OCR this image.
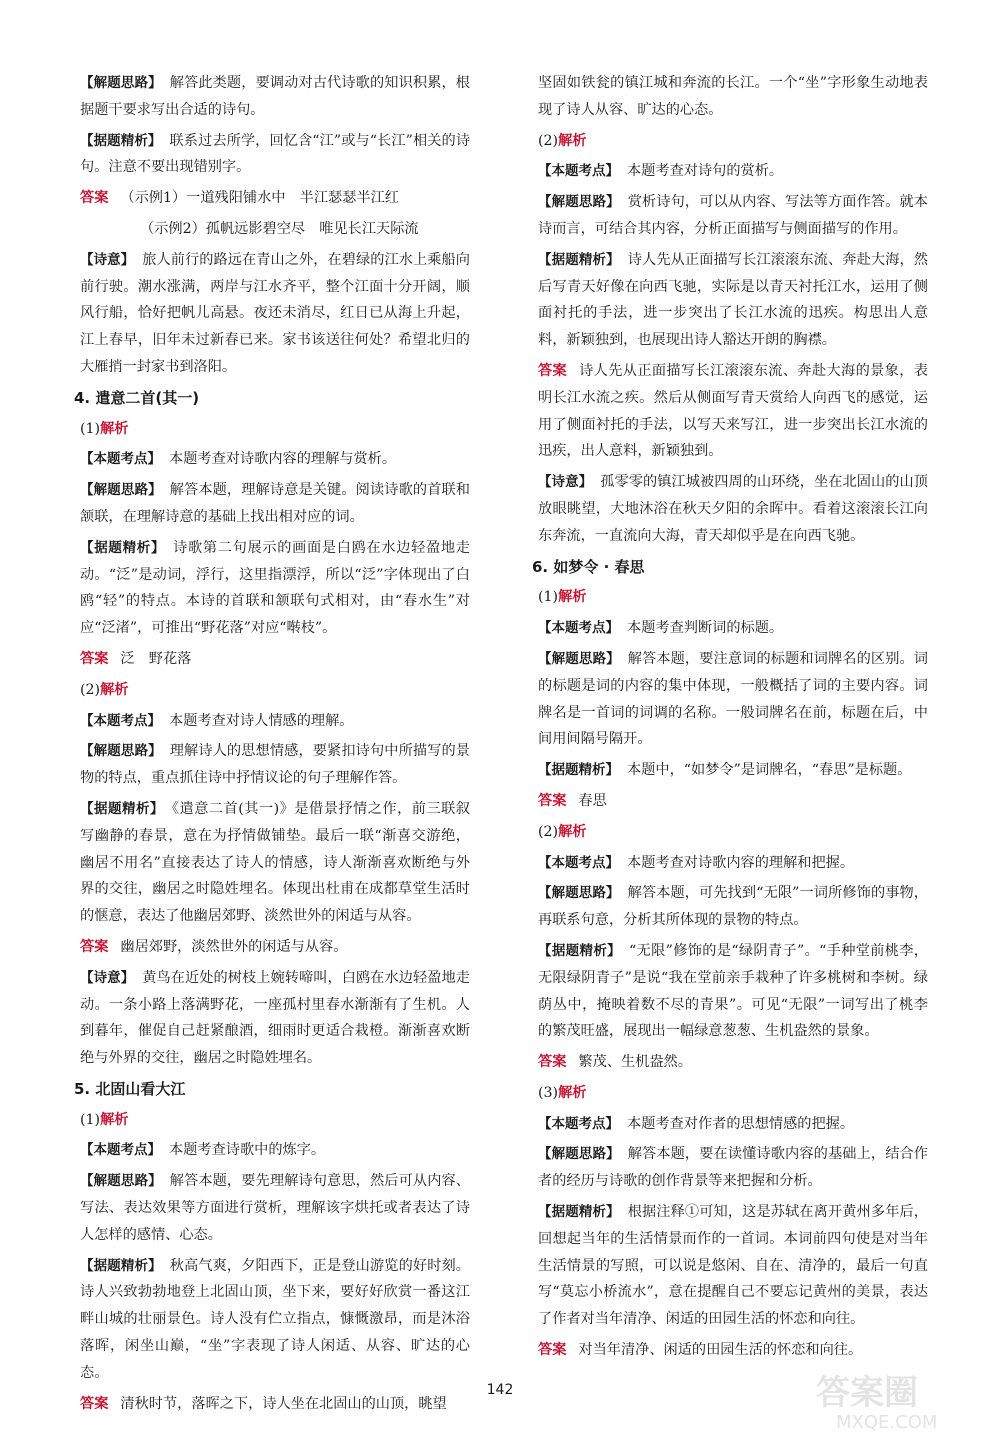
【解题思路】 解答此类题，要调动对古代诗歌的知识积累，根据题干要求写出合适的诗句。
【据题精析】 联系过去所学，回忆含“江”或与“长江”相关的诗句。注意不要出现错别字。
答案 （示例1）一道残阳铺水中　半江瑟瑟半江红
（示例2）孤帆远影碧空尽　唯见长江天际流
【诗意】 旅人前行的路远在青山之外，在碧绿的江水上乘船向前行驶。潮水涨满，两岸与江水齐平，整个江面十分开阔，顺风行船，恰好把帆儿高悬。夜还未消尽，红日已从海上升起，江上春早，旧年未过新春已来。家书该送往何处？希望北归的大雁捎一封家书到洛阳。
4. 遣意二首(其一)
(1)解析
【本题考点】 本题考查对诗歌内容的理解与赏析。
【解题思路】 解答本题，理解诗意是关键。阅读诗歌的首联和颔联，在理解诗意的基础上找出相对应的词。
【据题精析】 诗歌第二句展示的画面是白鸥在水边轻盈地走动。“泛”是动词，浮行，这里指漂浮，所以“泛”字体现出了白鸥“轻”的特点。本诗的首联和颔联句式相对，由“春水生”对应“泛渚”，可推出“野花落”对应“啭枝”。
答案 泛　野花落
(2)解析
【本题考点】 本题考查对诗人情感的理解。
【解题思路】 理解诗人的思想情感，要紧扣诗句中所描写的景物的特点，重点抓住诗中抒情议论的句子理解作答。
【据题精析】 《遣意二首(其一)》是借景抒情之作，前三联叙写幽静的春景，意在为抒情做铺垫。最后一联“渐喜交游绝，幽居不用名”直接表达了诗人的情感，诗人渐渐喜欢断绝与外界的交往，幽居之时隐姓埋名。体现出杜甫在成都草堂生活时的惬意，表达了他幽居郊野、淡然世外的闲适与从容。
答案 幽居郊野，淡然世外的闲适与从容。
【诗意】 黄鸟在近处的树枝上婉转啼叫，白鸥在水边轻盈地走动。一条小路上落满野花，一座孤村里春水渐渐有了生机。人到暮年，催促自己赶紧酿酒，细雨时更适合栽橙。渐渐喜欢断绝与外界的交往，幽居之时隐姓埋名。
5. 北固山看大江
(1)解析
【本题考点】 本题考查诗歌中的炼字。
【解题思路】 解答本题，要先理解诗句意思，然后可从内容、写法、表达效果等方面进行赏析，理解该字烘托或者表达了诗人怎样的感情、心态。
【据题精析】 秋高气爽，夕阳西下，正是登山游览的好时刻。诗人兴致勃勃地登上北固山顶，坐下来，要好好欣赏一番这江畔山城的壮丽景色。诗人没有伫立指点，慷慨激昂，而是沐浴落晖，闲坐山巅，“坐”字表现了诗人闲适、从容、旷达的心态。
答案 清秋时节，落晖之下，诗人坐在北固山的山顶，眺望
坚固如铁瓮的镇江城和奔流的长江。一个“坐”字形象生动地表现了诗人从容、旷达的心态。
(2)解析
【本题考点】 本题考查对诗句的赏析。
【解题思路】 赏析诗句，可以从内容、写法等方面作答。就本诗而言，可结合其内容，分析正面描写与侧面描写的作用。
【据题精析】 诗人先从正面描写长江滚滚东流、奔赴大海，然后写青天好像在向西飞驰，实际是以青天衬托江水，运用了侧面衬托的手法，进一步突出了长江水流的迅疾。构思出人意料，新颖独到，也展现出诗人豁达开朗的胸襟。
答案 诗人先从正面描写长江滚滚东流、奔赴大海的景象，表明长江水流之疾。然后从侧面写青天赏给人向西飞的感觉，运用了侧面衬托的手法，以写天来写江，进一步突出长江水流的迅疾，出人意料，新颖独到。
【诗意】 孤零零的镇江城被四周的山环绕，坐在北固山的山顶放眼眺望，大地沐浴在秋天夕阳的余晖中。看着这滚滚长江向东奔流，一直流向大海，青天却似乎是在向西飞驰。
6. 如梦令 · 春思
(1)解析
【本题考点】 本题考查判断词的标题。
【解题思路】 解答本题，要注意词的标题和词牌名的区别。词的标题是词的内容的集中体现，一般概括了词的主要内容。词牌名是一首词的词调的名称。一般词牌名在前，标题在后，中间用间隔号隔开。
【据题精析】 本题中，“如梦令”是词牌名，“春思”是标题。
答案 春思
(2)解析
【本题考点】 本题考查对诗歌内容的理解和把握。
【解题思路】 解答本题，可先找到“无限”一词所修饰的事物，再联系句意，分析其所体现的景物的特点。
【据题精析】 “无限”修饰的是“绿阴青子”。“手种堂前桃李，无限绿阴青子”是说“我在堂前亲手栽种了许多桃树和李树。绿荫丛中，掩映着数不尽的青果”。可见“无限”一词写出了桃李的繁茂旺盛，展现出一幅绿意葱葱、生机盎然的景象。
答案 繁茂、生机盎然。
(3)解析
【本题考点】 本题考查对作者的思想情感的把握。
【解题思路】 解答本题，要在读懂诗歌内容的基础上，结合作者的经历与诗歌的创作背景等来把握和分析。
【据题精析】 根据注释①可知，这是苏轼在离开黄州多年后，回想起当年的生活情景而作的一首词。本词前四句使是对当年生活情景的写照，可以说是悠闲、自在、清净的，最后一句直写“莫忘小桥流水”，意在提醒自己不要忘记黄州的美景，表达了作者对当年清净、闲适的田园生活的怀恋和向往。
答案 对当年清净、闲适的田园生活的怀恋和向往。
142	答案圈
MXQE.COM
